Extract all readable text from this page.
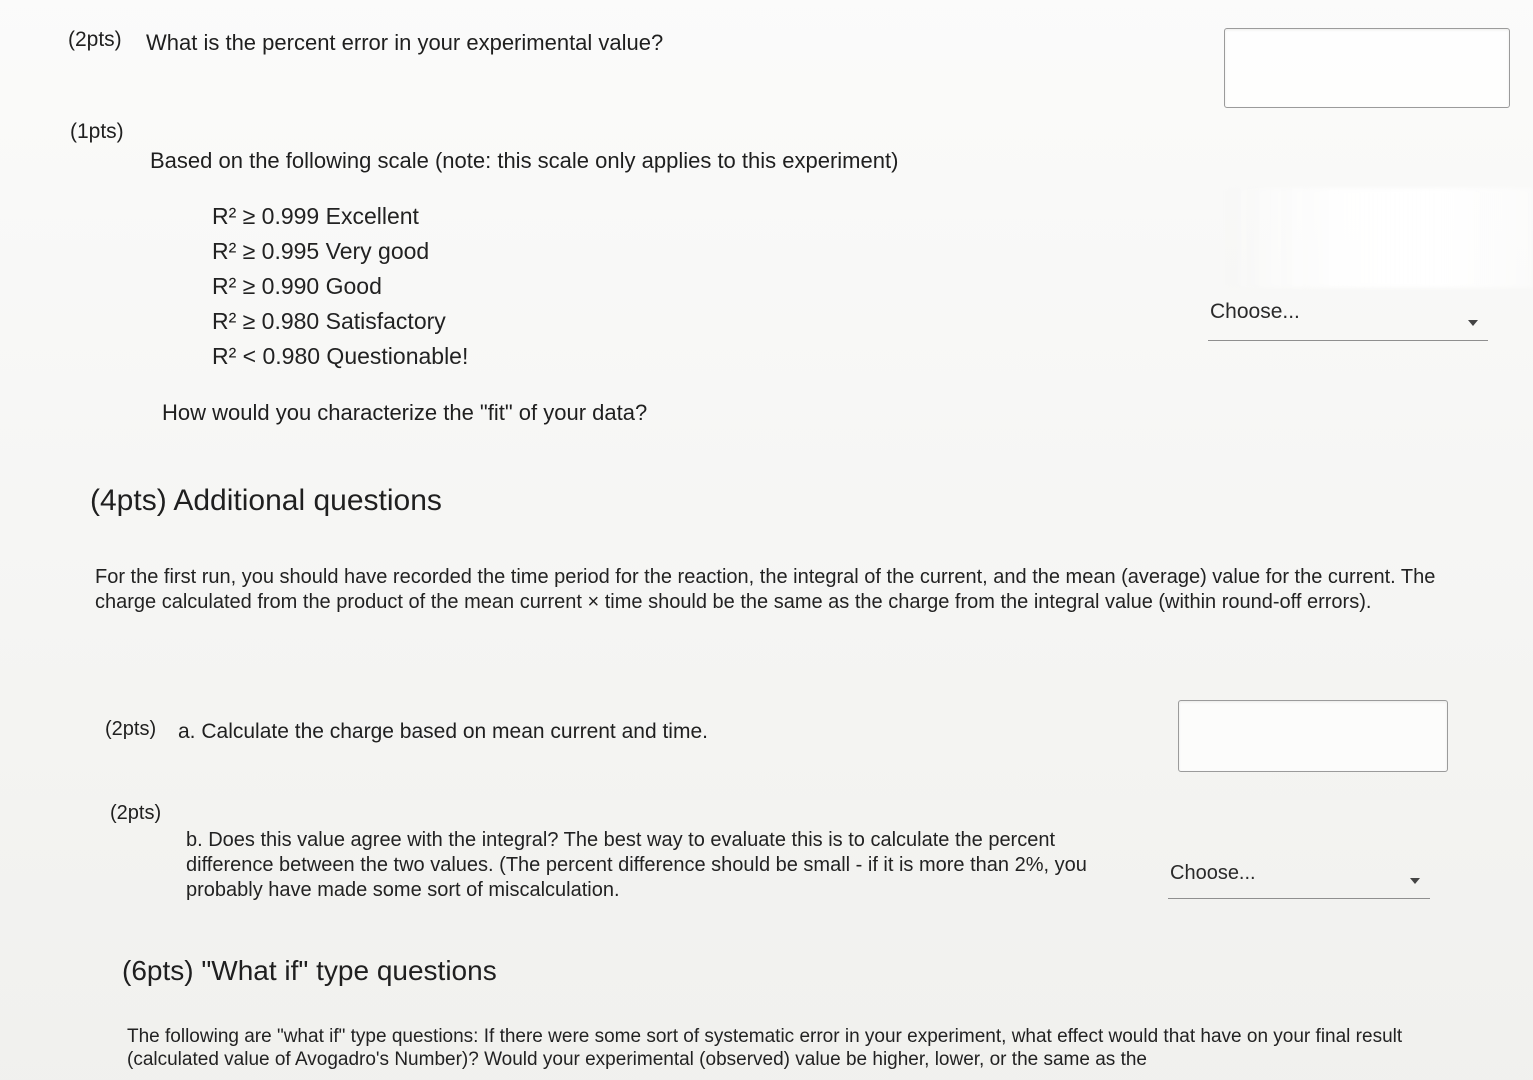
(2pts) What is the percent error in your experimental value?
(1pts)
Based on the following scale (note: this scale only applies to this experiment)
R² ≥ 0.999 Excellent
R² ≥ 0.995 Very good
R² ≥ 0.990 Good
R² ≥ 0.980 Satisfactory
R² < 0.980 Questionable!
How would you characterize the "fit" of your data?
Choose...
(4pts) Additional questions
For the first run, you should have recorded the time period for the reaction, the integral of the current, and the mean (average) value for the current. The charge calculated from the product of the mean current × time should be the same as the charge from the integral value (within round-off errors).
(2pts) a. Calculate the charge based on mean current and time.
(2pts)
b. Does this value agree with the integral? The best way to evaluate this is to calculate the percent difference between the two values. (The percent difference should be small - if it is more than 2%, you probably have made some sort of miscalculation.
Choose...
(6pts) "What if" type questions
The following are "what if" type questions: If there were some sort of systematic error in your experiment, what effect would that have on your final result (calculated value of Avogadro's Number)? Would your experimental (observed) value be higher, lower, or the same as the
